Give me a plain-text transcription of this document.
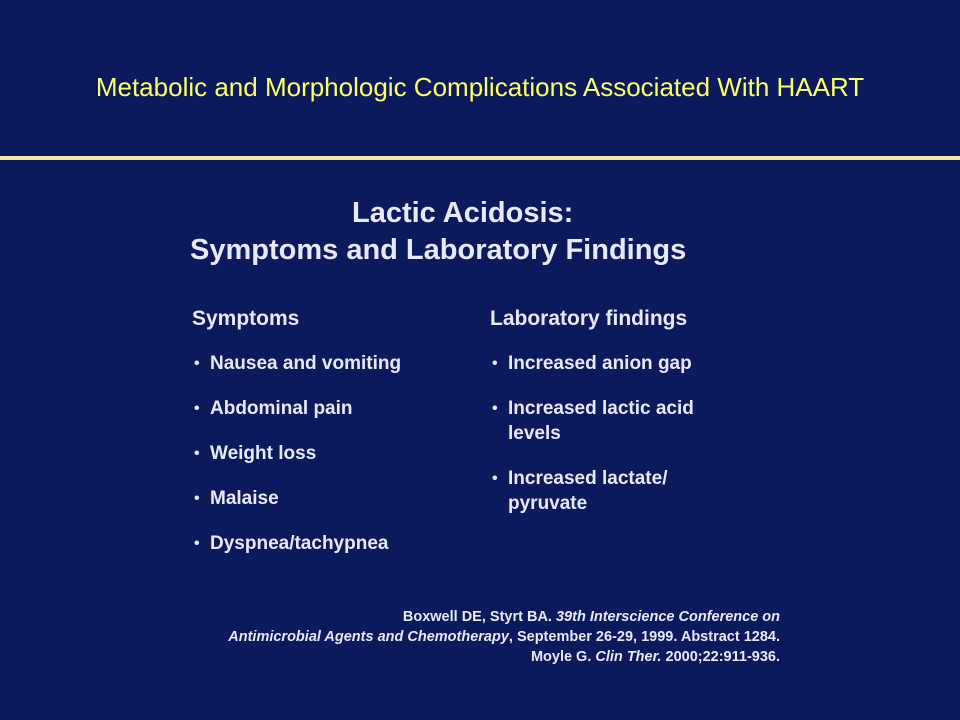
Metabolic and Morphologic Complications Associated With HAART
Lactic Acidosis:
Symptoms and Laboratory Findings
Symptoms
• Nausea and vomiting
• Abdominal pain
• Weight loss
• Malaise
• Dyspnea/tachypnea
Laboratory findings
• Increased anion gap
• Increased lactic acid levels
• Increased lactate/ pyruvate
Boxwell DE, Styrt BA. 39th Interscience Conference on
Antimicrobial Agents and Chemotherapy, September 26-29, 1999. Abstract 1284.
Moyle G. Clin Ther. 2000;22:911-936.
